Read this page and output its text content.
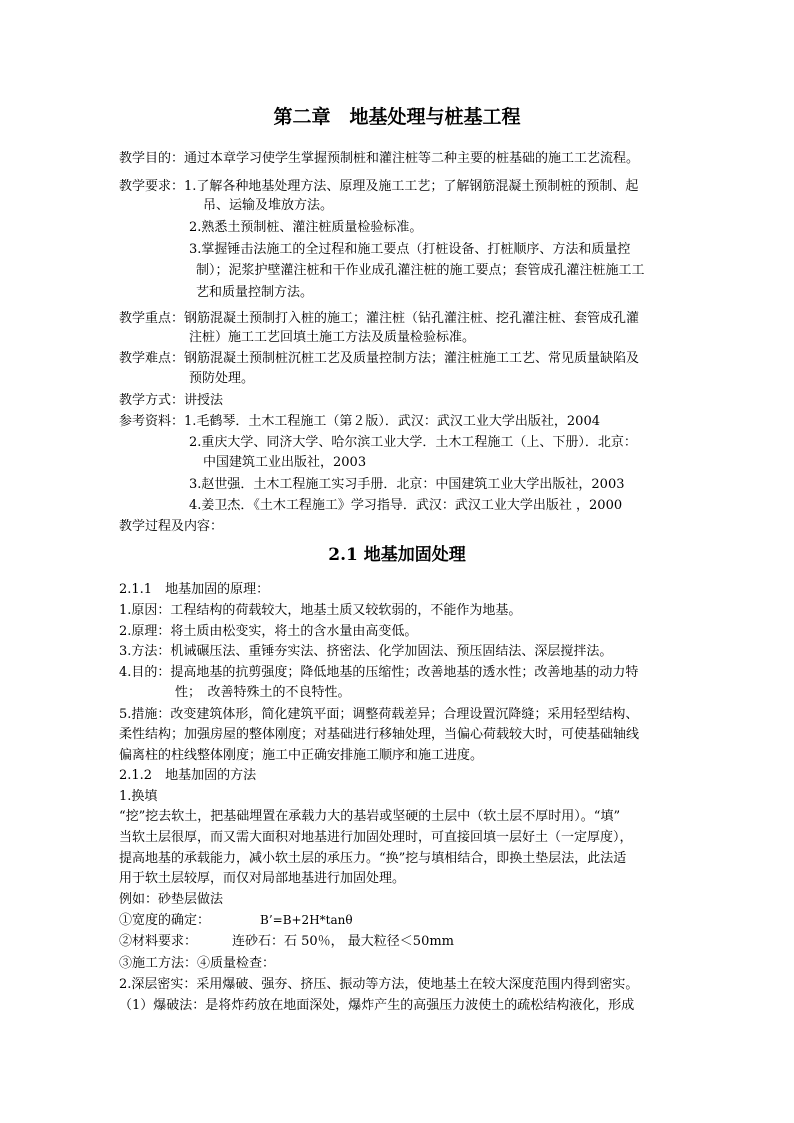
第二章　地基处理与桩基工程
教学目的：通过本章学习使学生掌握预制桩和灌注桩等二种主要的桩基础的施工工艺流程。
教学要求：1.了解各种地基处理方法、原理及施工工艺；了解钢筋混凝土预制桩的预制、起
吊、运输及堆放方法。
2.熟悉土预制桩、灌注桩质量检验标准。
3.掌握锤击法施工的全过程和施工要点（打桩设备、打桩顺序、方法和质量控
制）；泥浆护壁灌注桩和干作业成孔灌注桩的施工要点；套管成孔灌注桩施工工
艺和质量控制方法。
教学重点：钢筋混凝土预制打入桩的施工；灌注桩（钻孔灌注桩、挖孔灌注桩、套管成孔灌
注桩）施工工艺回填土施工方法及质量检验标准。
教学难点：钢筋混凝土预制桩沉桩工艺及质量控制方法；灌注桩施工工艺、常见质量缺陷及
预防处理。
教学方式：讲授法
参考资料：1.毛鹤琴．土木工程施工（第２版）．武汉：武汉工业大学出版社，2004
2.重庆大学、同济大学、哈尔滨工业大学．土木工程施工（上、下册）．北京：
中国建筑工业出版社，2003
3.赵世强．土木工程施工实习手册．北京：中国建筑工业大学出版社，2003
4.姜卫杰．《土木工程施工》学习指导．武汉：武汉工业大学出版社 ，2000
教学过程及内容：
2.1 地基加固处理
2.1.1　地基加固的原理：
1.原因：工程结构的荷载较大，地基土质又较软弱的，不能作为地基。
2.原理：将土质由松变实，将土的含水量由高变低。
3.方法：机诫碾压法、重锤夯实法、挤密法、化学加固法、预压固结法、深层搅拌法。
4.目的：提高地基的抗剪强度；降低地基的压缩性；改善地基的透水性；改善地基的动力特
性；　改善特殊土的不良特性。
5.措施：改变建筑体形，简化建筑平面；调整荷载差异；合理设置沉降缝；采用轻型结构、
柔性结构；加强房屋的整体刚度；对基础进行移轴处理，当偏心荷载较大时，可使基础轴线
偏离柱的柱线整体刚度；施工中正确安排施工顺序和施工进度。
2.1.2　地基加固的方法
1.换填
“挖”挖去软土，把基础埋置在承载力大的基岩或坚硬的土层中（软土层不厚时用）。“填”
当软土层很厚，而又需大面积对地基进行加固处理时，可直接回填一层好土（一定厚度），
提高地基的承载能力，减小软土层的承压力。“换”挖与填相结合，即换土垫层法，此法适
用于软土层较厚，而仅对局部地基进行加固处理。
例如：砂垫层做法
①宽度的确定：	B’=B+2H*tanθ
②材料要求：	连砂石：石 50％， 最大粒径＜50mm
③施工方法：④质量检查：
2.深层密实：采用爆破、强夯、挤压、振动等方法，使地基土在较大深度范围内得到密实。
（1）爆破法：是将炸药放在地面深处，爆炸产生的高强压力波使土的疏松结构液化，形成
